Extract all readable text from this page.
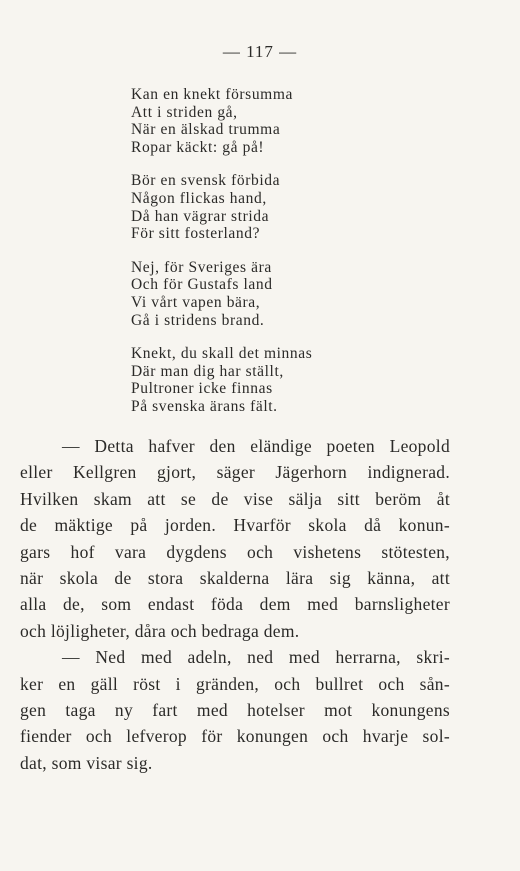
— 117 —
Kan en knekt försumma
Att i striden gå,
När en älskad trumma
Ropar käckt: gå på!
Bör en svensk förbida
Någon flickas hand,
Då han vägrar strida
För sitt fosterland?
Nej, för Sveriges ära
Och för Gustafs land
Vi vårt vapen bära,
Gå i stridens brand.
Knekt, du skall det minnas
Där man dig har ställt,
Pultroner icke finnas
På svenska ärans fält.
— Detta hafver den eländige poeten Leopold
eller Kellgren gjort, säger Jägerhorn indignerad.
Hvilken skam att se de vise sälja sitt beröm åt
de mäktige på jorden. Hvarför skola då konun-
gars hof vara dygdens och vishetens stötesten,
när skola de stora skalderna lära sig känna, att
alla de, som endast föda dem med barnsligheter
och löjligheter, dåra och bedraga dem.
— Ned med adeln, ned med herrarna, skri-
ker en gäll röst i gränden, och bullret och sån-
gen taga ny fart med hotelser mot konungens
fiender och lefverop för konungen och hvarje sol-
dat, som visar sig.
